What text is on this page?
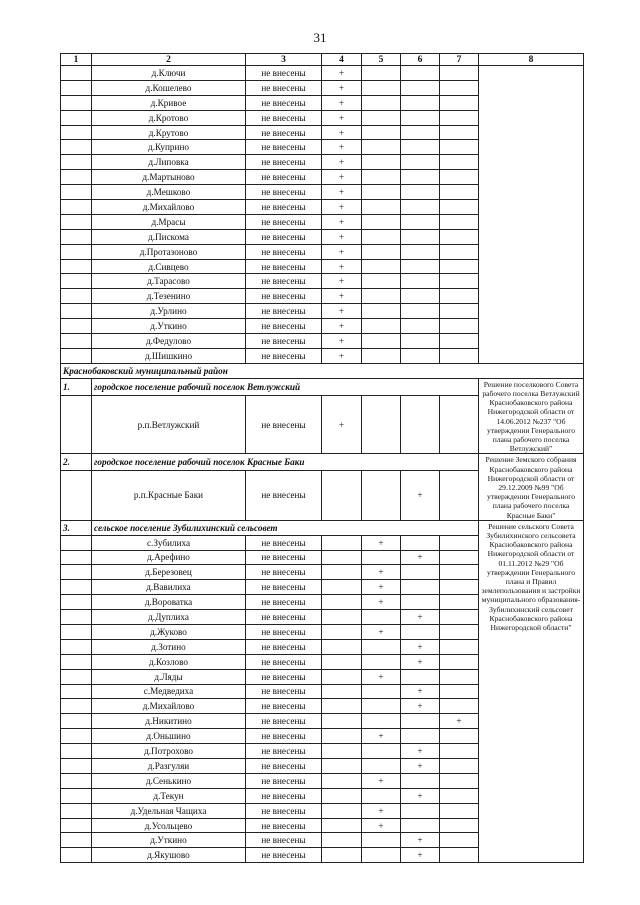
31
1	2	3	4	5	6	7	8
	д.Ключи	не внесены	+				
	д.Кошелево	не внесены	+				
	д.Кривое	не внесены	+				
	д.Кротово	не внесены	+				
	д.Крутово	не внесены	+				
	д.Куприно	не внесены	+				
	д.Липовка	не внесены	+				
	д.Мартыново	не внесены	+				
	д.Мешково	не внесены	+				
	д.Михайлово	не внесены	+				
	д.Мрасы	не внесены	+				
	д.Пискома	не внесены	+				
	д.Протазоново	не внесены	+				
	д.Сивцево	не внесены	+				
	д.Тарасово	не внесены	+				
	д.Тезенино	не внесены	+				
	д.Урлино	не внесены	+				
	д.Уткино	не внесены	+				
	д.Федулово	не внесены	+				
	д.Шишкино	не внесены	+				
Краснобаковский муниципальный район							
1.	городское поселение рабочий поселок Ветлужский						Решение поселкового Совета рабочего поселка Ветлужский Краснобаковского района Нижегородской области от 14.06.2012 №237 "Об утверждении Генерального плана рабочего поселка Ветлужский"
	р.п.Ветлужский	не внесены	+				
2.	городское поселение рабочий поселок Красные Баки						Решение Земского собрания Краснобаковского района Нижегородской области от 29.12.2009 №99 "Об утверждении Генерального плана рабочего поселка Красные Баки"
	р.п.Красные Баки	не внесены			+		
3.	сельское поселение Зубилихинский сельсовет						Решение сельского Совета Зубилихинского сельсовета Краснобаковского района Нижегородской области от 01.11.2012 №29 "Об утверждении Генерального плана и Правил землепользования и застройки муниципального образования-Зубилихинский сельсовет Краснобаковского района Нижегородской области"
	с.Зубилиха	не внесены		+			
	д.Арефино	не внесены			+		
	д.Березовец	не внесены		+			
	д.Вавилиха	не внесены		+			
	д.Вороватка	не внесены		+			
	д.Дуплиха	не внесены			+		
	д.Жуково	не внесены		+			
	д.Зотино	не внесены			+		
	д.Козлово	не внесены			+		
	д.Ляды	не внесены		+			
	с.Медведиха	не внесены			+		
	д.Михайлово	не внесены			+		
	д.Никитино	не внесены				+	
	д.Оньшино	не внесены		+			
	д.Потрохово	не внесены			+		
	д.Разгуляи	не внесены			+		
	д.Сенькино	не внесены		+			
	д.Текун	не внесены			+		
	д.Удельная Чащиха	не внесены		+			
	д.Усольцево	не внесены		+			
	д.Уткино	не внесены			+		
	д.Якушово	не внесены			+		
